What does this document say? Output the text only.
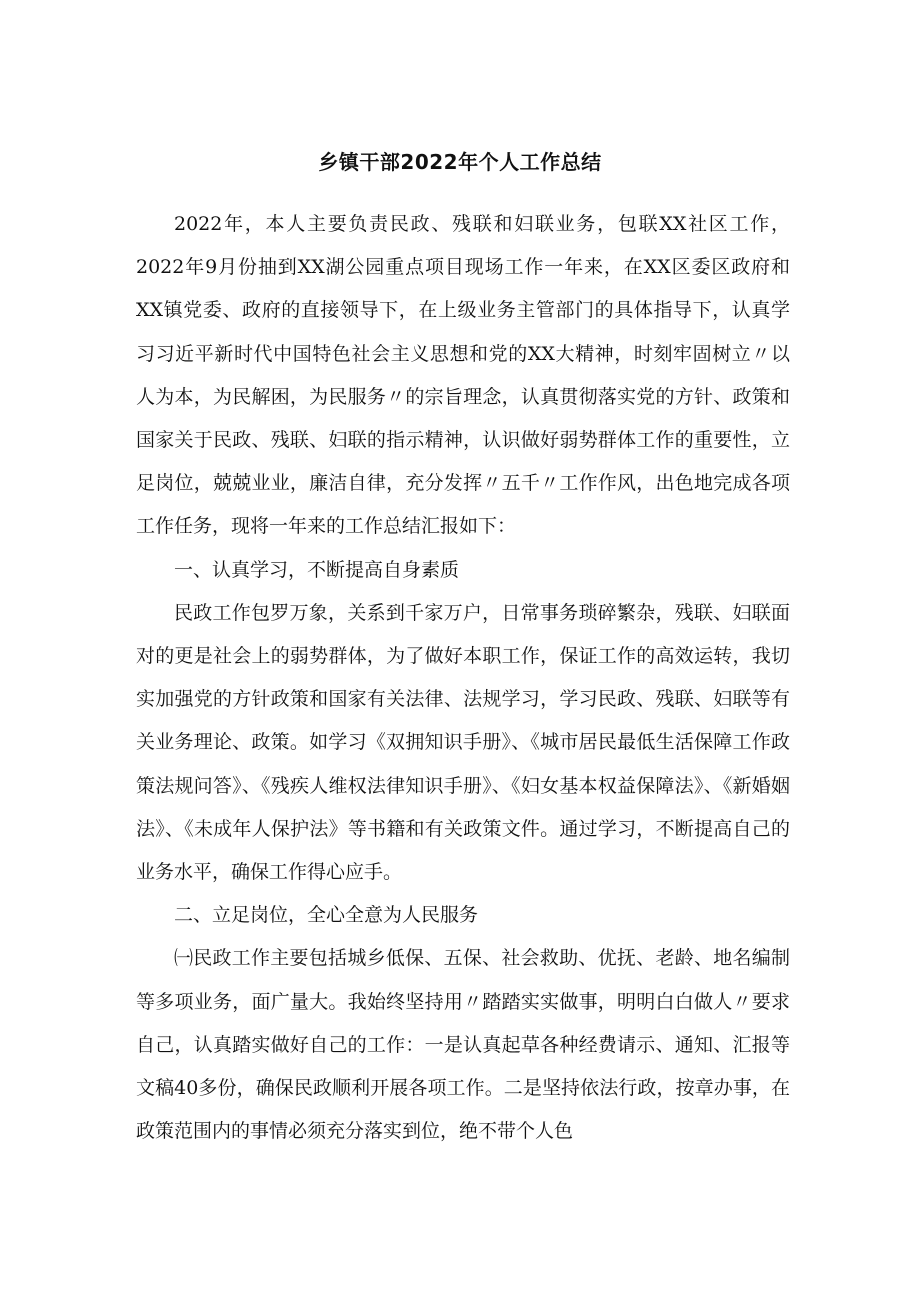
乡镇干部2022年个人工作总结

2022年，本人主要负责民政、残联和妇联业务，包联XX社区工作，2022年9月份抽到XX湖公园重点项目现场工作一年来，在XX区委区政府和XX镇党委、政府的直接领导下，在上级业务主管部门的具体指导下，认真学习习近平新时代中国特色社会主义思想和党的XX大精神，时刻牢固树立〃以人为本，为民解困，为民服务〃的宗旨理念，认真贯彻落实党的方针、政策和国家关于民政、残联、妇联的指示精神，认识做好弱势群体工作的重要性，立足岗位，兢兢业业，廉洁自律，充分发挥〃五千〃工作作风，出色地完成各项工作任务，现将一年来的工作总结汇报如下：

一、认真学习，不断提高自身素质

民政工作包罗万象，关系到千家万户，日常事务琐碎繁杂，残联、妇联面对的更是社会上的弱势群体，为了做好本职工作，保证工作的高效运转，我切实加强党的方针政策和国家有关法律、法规学习，学习民政、残联、妇联等有关业务理论、政策。如学习《双拥知识手册》、《城市居民最低生活保障工作政策法规问答》、《残疾人维权法律知识手册》、《妇女基本权益保障法》、《新婚姻法》、《未成年人保护法》等书籍和有关政策文件。通过学习，不断提高自己的业务水平，确保工作得心应手。

二、立足岗位，全心全意为人民服务

㈠民政工作主要包括城乡低保、五保、社会救助、优抚、老龄、地名编制等多项业务，面广量大。我始终坚持用〃踏踏实实做事，明明白白做人〃要求自己，认真踏实做好自己的工作：一是认真起草各种经费请示、通知、汇报等文稿40多份，确保民政顺利开展各项工作。二是坚持依法行政，按章办事，在政策范围内的事情必须充分落实到位，绝不带个人色
